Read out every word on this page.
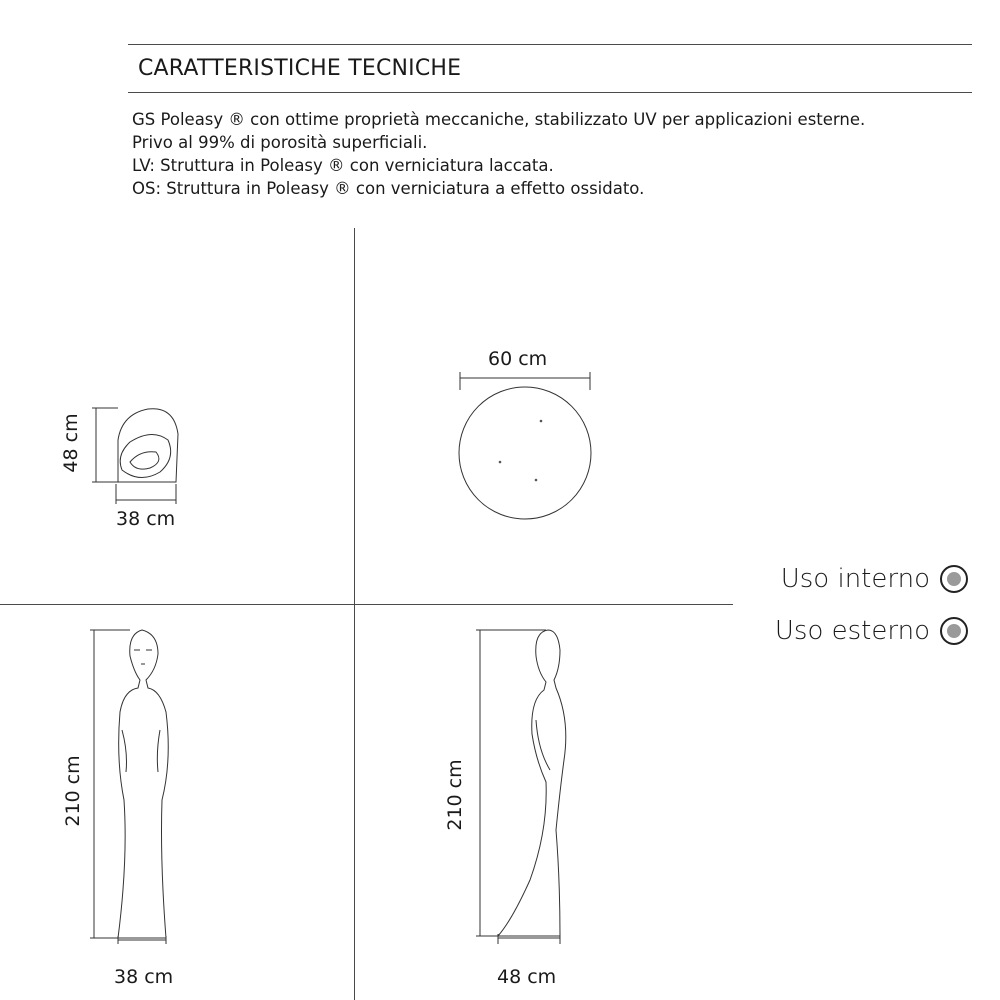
CARATTERISTICHE TECNICHE
GS Poleasy ® con ottime proprietà meccaniche, stabilizzato UV per applicazioni esterne.
Privo al 99% di porosità superficiali.
LV: Struttura in Poleasy ® con verniciatura laccata.
OS: Struttura in Poleasy ® con verniciatura a effetto ossidato.
48 cm
38 cm
60 cm
210 cm
38 cm
210 cm
48 cm
Uso interno
Uso esterno
